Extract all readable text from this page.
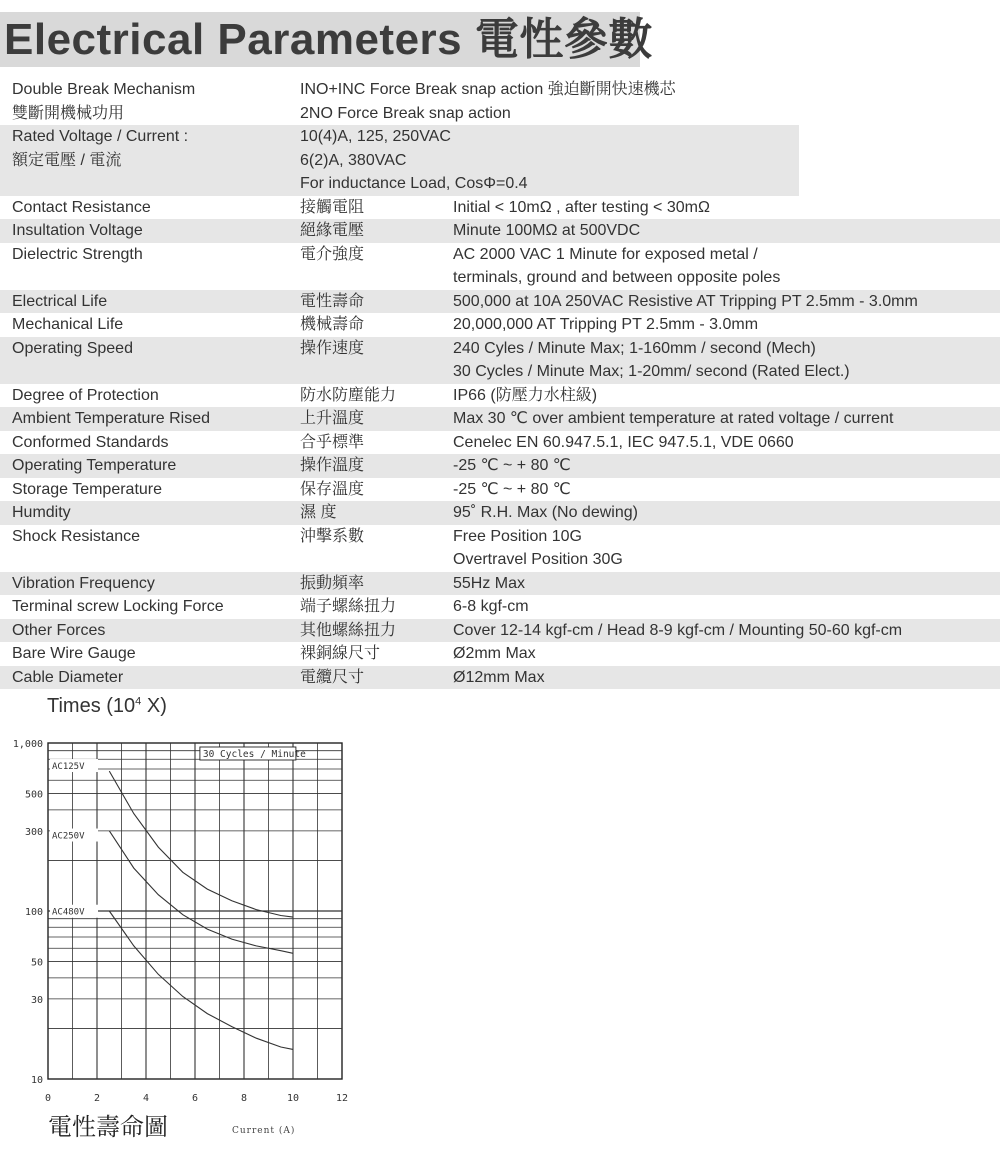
Electrical Parameters 電性參數
Double Break Mechanism	INO+INC Force Break snap action 強迫斷開快速機芯
雙斷開機械功用	2NO Force Break snap action
Rated Voltage / Current :	10(4)A, 125, 250VAC
額定電壓 / 電流	6(2)A, 380VAC
For inductance Load, CosΦ=0.4
Contact Resistance	接觸電阻	Initial < 10mΩ , after testing < 30mΩ
Insultation Voltage	絕緣電壓	Minute 100MΩ at 500VDC
Dielectric Strength	電介強度	AC 2000 VAC 1 Minute for exposed metal /
terminals, ground and between opposite poles
Electrical Life	電性壽命	500,000 at 10A 250VAC Resistive AT Tripping PT 2.5mm - 3.0mm
Mechanical Life	機械壽命	20,000,000 AT Tripping PT 2.5mm - 3.0mm
Operating Speed	操作速度	240 Cyles / Minute Max; 1-160mm / second (Mech)
30 Cycles / Minute Max; 1-20mm/ second (Rated Elect.)
Degree of Protection	防水防塵能力	IP66 (防壓力水柱級)
Ambient Temperature Rised	上升溫度	Max 30 ℃ over ambient temperature at rated voltage / current
Conformed Standards	合乎標準	Cenelec EN 60.947.5.1, IEC 947.5.1, VDE 0660
Operating Temperature	操作溫度	-25 ℃ ~ + 80 ℃
Storage Temperature	保存溫度	-25 ℃ ~ + 80 ℃
Humdity	濕 度	95˚ R.H. Max (No dewing)
Shock Resistance	沖擊系數	Free Position 10G
Overtravel Position 30G
Vibration Frequency	振動頻率	55Hz Max
Terminal screw Locking Force	端子螺絲扭力	6-8 kgf-cm
Other Forces	其他螺絲扭力	Cover 12-14 kgf-cm / Head 8-9 kgf-cm / Mounting 50-60 kgf-cm
Bare Wire Gauge	裸銅線尺寸	Ø2mm Max
Cable Diameter	電纜尺寸	Ø12mm Max
Times ($10^4$ X)
1,000
500
300
100
50
30
10
0	2	4	6	8	10	12
30 Cycles / Minute
AC125V
AC250V
AC480V
電性壽命圖	Current (A)
